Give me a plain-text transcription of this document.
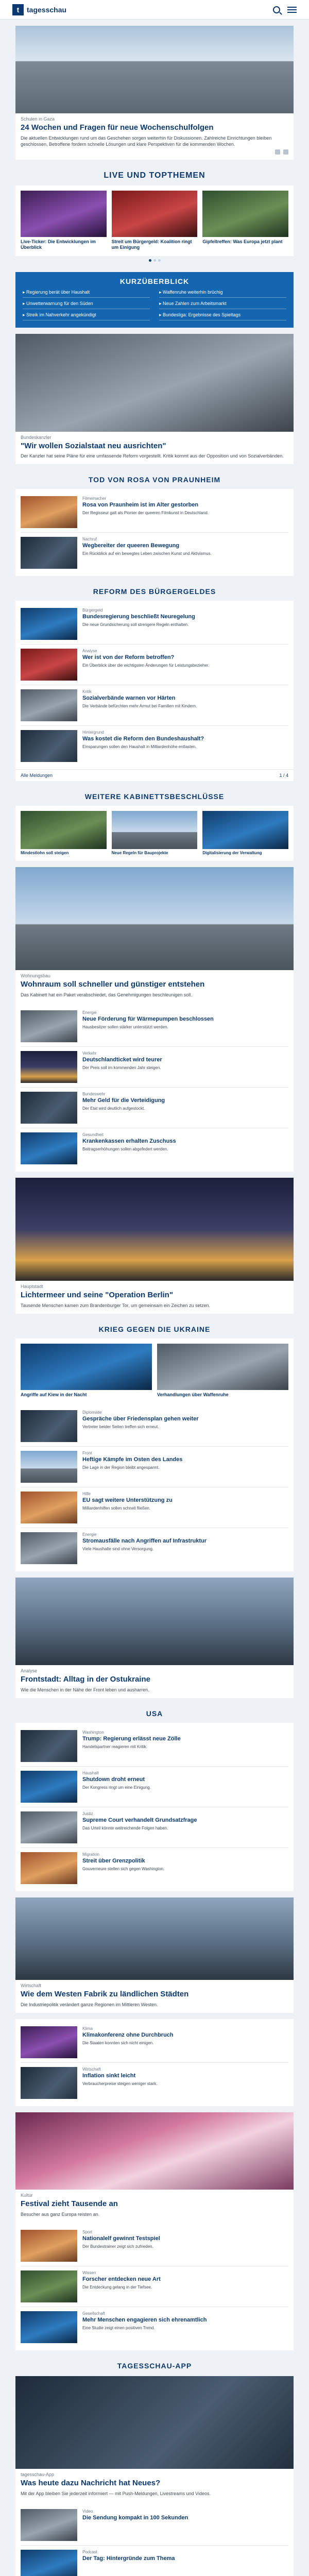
t	tagesschau
Schulen in Gaza
24 Wochen und Fragen für neue Wochenschulfolgen
Die aktuellen Entwicklungen rund um das Geschehen sorgen weiterhin für Diskussionen. Zahlreiche Einrichtungen bleiben geschlossen, Betroffene fordern schnelle Lösungen und klare Perspektiven für die kommenden Wochen.
LIVE UND TOPTHEMEN
Live-Ticker: Die Entwicklungen im Überblick
Streit um Bürgergeld: Koalition ringt um Einigung
Gipfeltreffen: Was Europa jetzt plant
KURZÜBERBLICK
▸ Regierung berät über Haushalt	▸ Waffenruhe weiterhin brüchig
▸ Unwetterwarnung für den Süden	▸ Neue Zahlen zum Arbeitsmarkt
▸ Streik im Nahverkehr angekündigt	▸ Bundesliga: Ergebnisse des Spieltags
Bundeskanzler
"Wir wollen Sozialstaat neu ausrichten"
Der Kanzler hat seine Pläne für eine umfassende Reform vorgestellt. Kritik kommt aus der Opposition und von Sozialverbänden.
TOD VON ROSA VON PRAUNHEIM
Filmemacher
Rosa von Praunheim ist im Alter gestorben
Der Regisseur galt als Pionier der queeren Filmkunst in Deutschland.
Nachruf
Wegbereiter der queeren Bewegung
Ein Rückblick auf ein bewegtes Leben zwischen Kunst und Aktivismus.
REFORM DES BÜRGERGELDES
Bürgergeld
Bundesregierung beschließt Neuregelung
Die neue Grundsicherung soll strengere Regeln enthalten.
Analyse
Wer ist von der Reform betroffen?
Ein Überblick über die wichtigsten Änderungen für Leistungsbezieher.
Kritik
Sozialverbände warnen vor Härten
Die Verbände befürchten mehr Armut bei Familien mit Kindern.
Hintergrund
Was kostet die Reform den Bundeshaushalt?
Einsparungen sollen den Haushalt in Milliardenhöhe entlasten.
Alle Meldungen	1 / 4
WEITERE KABINETTSBESCHLÜSSE
Mindestlohn soll steigen	Neue Regeln für Bauprojekte	Digitalisierung der Verwaltung
Wohnungsbau
Wohnraum soll schneller und günstiger entstehen
Das Kabinett hat ein Paket verabschiedet, das Genehmigungen beschleunigen soll.
Energie
Neue Förderung für Wärmepumpen beschlossen
Hausbesitzer sollen stärker unterstützt werden.
Verkehr
Deutschlandticket wird teurer
Der Preis soll im kommenden Jahr steigen.
Bundeswehr
Mehr Geld für die Verteidigung
Der Etat wird deutlich aufgestockt.
Gesundheit
Krankenkassen erhalten Zuschuss
Beitragserhöhungen sollen abgefedert werden.
Hauptstadt
Lichtermeer und seine "Operation Berlin"
Tausende Menschen kamen zum Brandenburger Tor, um gemeinsam ein Zeichen zu setzen.
KRIEG GEGEN DIE UKRAINE
Angriffe auf Kiew in der Nacht	Verhandlungen über Waffenruhe
Diplomatie
Gespräche über Friedensplan gehen weiter
Vertreter beider Seiten treffen sich erneut.
Front
Heftige Kämpfe im Osten des Landes
Die Lage in der Region bleibt angespannt.
Hilfe
EU sagt weitere Unterstützung zu
Milliardenhilfen sollen schnell fließen.
Energie
Stromausfälle nach Angriffen auf Infrastruktur
Viele Haushalte sind ohne Versorgung.
Analyse
Frontstadt: Alltag in der Ostukraine
Wie die Menschen in der Nähe der Front leben und ausharren.
USA
Washington
Trump: Regierung erlässt neue Zölle
Handelspartner reagieren mit Kritik.
Haushalt
Shutdown droht erneut
Der Kongress ringt um eine Einigung.
Justiz
Supreme Court verhandelt Grundsatzfrage
Das Urteil könnte weitreichende Folgen haben.
Migration
Streit über Grenzpolitik
Gouverneure stellen sich gegen Washington.
Wirtschaft
Wie dem Westen Fabrik zu ländlichen Städten
Die Industriepolitik verändert ganze Regionen im Mittleren Westen.
Klima
Klimakonferenz ohne Durchbruch
Die Staaten konnten sich nicht einigen.
Wirtschaft
Inflation sinkt leicht
Verbraucherpreise steigen weniger stark.
Kultur
Festival zieht Tausende an
Besucher aus ganz Europa reisten an.
Sport
Nationalelf gewinnt Testspiel
Der Bundestrainer zeigt sich zufrieden.
Wissen
Forscher entdecken neue Art
Die Entdeckung gelang in der Tiefsee.
Gesellschaft
Mehr Menschen engagieren sich ehrenamtlich
Eine Studie zeigt einen positiven Trend.
TAGESSCHAU-APP
tagesschau-App
Was heute dazu Nachricht hat Neues?
Mit der App bleiben Sie jederzeit informiert — mit Push-Meldungen, Livestreams und Videos.
Video
Die Sendung kompakt in 100 Sekunden
Podcast
Der Tag: Hintergründe zum Thema
